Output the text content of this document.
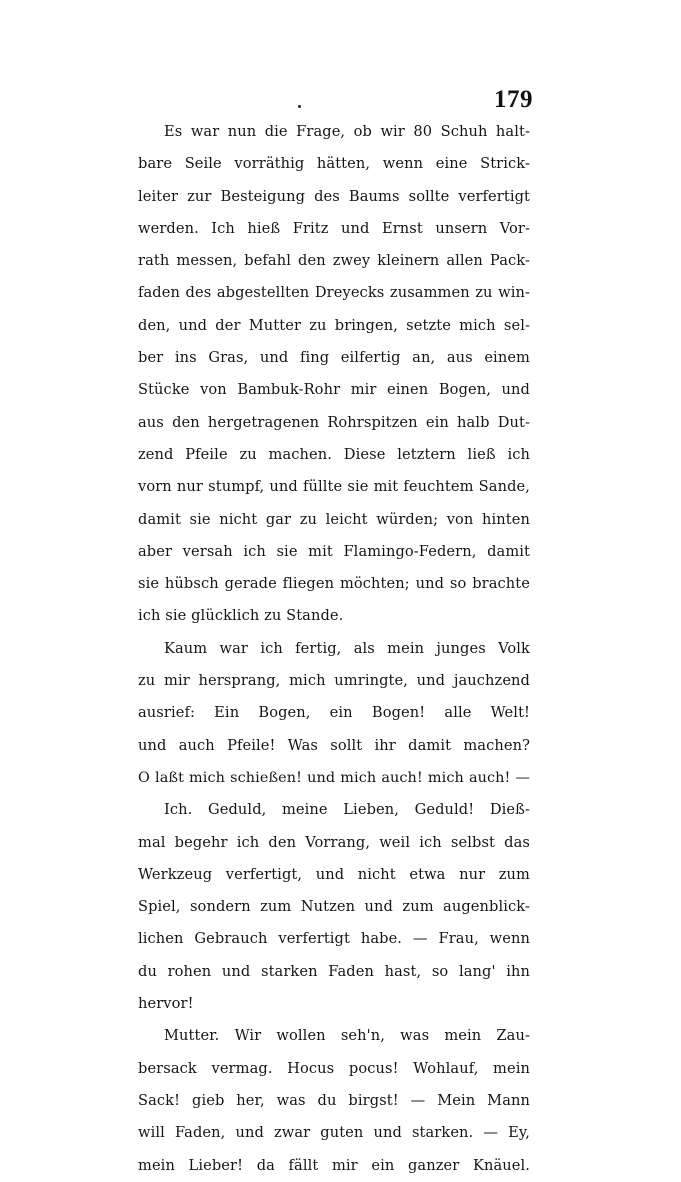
179
Es war nun die Frage, ob wir 80 Schuh halt-
bare Seile vorräthig hätten, wenn eine Strick-
leiter zur Besteigung des Baums sollte verfertigt
werden. Ich hieß Fritz und Ernst unsern Vor-
rath messen, befahl den zwey kleinern allen Pack-
faden des abgestellten Dreyecks zusammen zu win-
den, und der Mutter zu bringen, setzte mich sel-
ber ins Gras, und fing eilfertig an, aus einem
Stücke von Bambuk-Rohr mir einen Bogen, und
aus den hergetragenen Rohrspitzen ein halb Dut-
zend Pfeile zu machen. Diese letztern ließ ich
vorn nur stumpf, und füllte sie mit feuchtem Sande,
damit sie nicht gar zu leicht würden; von hinten
aber versah ich sie mit Flamingo-Federn, damit
sie hübsch gerade fliegen möchten; und so brachte
ich sie glücklich zu Stande.
Kaum war ich fertig, als mein junges Volk
zu mir hersprang, mich umringte, und jauchzend
ausrief: Ein Bogen, ein Bogen! alle Welt!
und auch Pfeile! Was sollt ihr damit machen?
O laßt mich schießen! und mich auch! mich auch! —
Ich. Geduld, meine Lieben, Geduld! Dieß-
mal begehr ich den Vorrang, weil ich selbst das
Werkzeug verfertigt, und nicht etwa nur zum
Spiel, sondern zum Nutzen und zum augenblick-
lichen Gebrauch verfertigt habe. — Frau, wenn
du rohen und starken Faden hast, so lang' ihn
hervor!
Mutter. Wir wollen seh'n, was mein Zau-
bersack vermag. Hocus pocus! Wohlauf, mein
Sack! gieb her, was du birgst! — Mein Mann
will Faden, und zwar guten und starken. — Ey,
mein Lieber! da fällt mir ein ganzer Knäuel.
